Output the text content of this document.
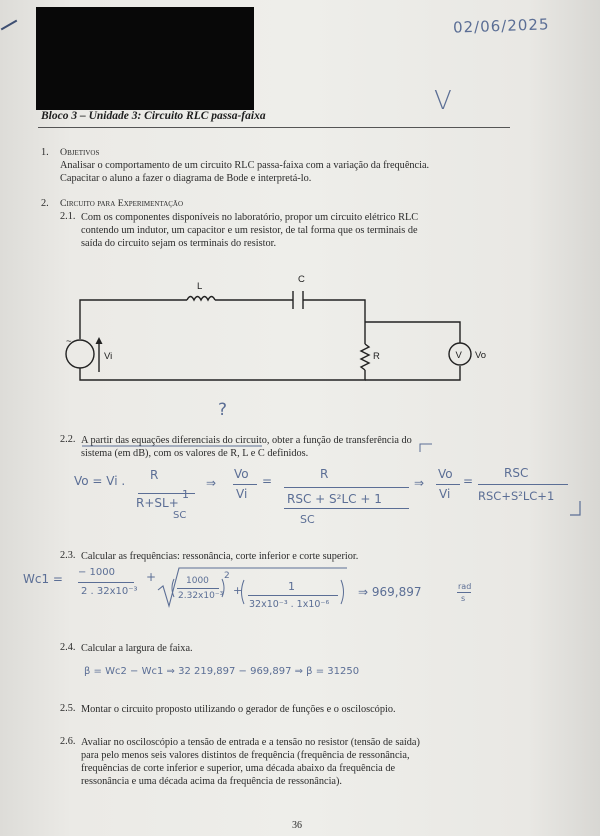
02/06/2025
V
Bloco 3 – Unidade 3: Circuito RLC passa-faixa
1. Objetivos
Analisar o comportamento de um circuito RLC passa-faixa com a variação da frequência.
Capacitar o aluno a fazer o diagrama de Bode e interpretá-lo.
2. Circuito para Experimentação
2.1. Com os componentes disponíveis no laboratório, propor um circuito elétrico RLC
contendo um indutor, um capacitor e um resistor, de tal forma que os terminais de
saída do circuito sejam os terminais do resistor.
L
C
R
Vi	Vo
V
~
?
2.2. A partir das equações diferenciais do circuito, obter a função de transferência do
sistema (em dB), com os valores de R, L e C definidos.
Vo = Vi . R
R+SL+
1
SC
⇒
Vo
Vi
=	R
RSC + S²LC + 1
SC
⇒
Vo
Vi
=
RSC
RSC+S²LC+1
2.3. Calcular as frequências: ressonância, corte inferior e corte superior.
Wc1 = − 1000
2 . 32x10⁻³
+	1000
2.32x10⁻³
2
+	1
32x10⁻³ . 1x10⁻⁶
⇒ 969,897	rad
s
2.4. Calcular a largura de faixa.
β = Wc2 − Wc1 ⇒ 32 219,897 − 969,897 ⇒ β = 31250
2.5. Montar o circuito proposto utilizando o gerador de funções e o osciloscópio.
2.6. Avaliar no osciloscópio a tensão de entrada e a tensão no resistor (tensão de saída)
para pelo menos seis valores distintos de frequência (frequência de ressonância,
frequências de corte inferior e superior, uma década abaixo da frequência de
ressonância e uma década acima da frequência de ressonância).
36
